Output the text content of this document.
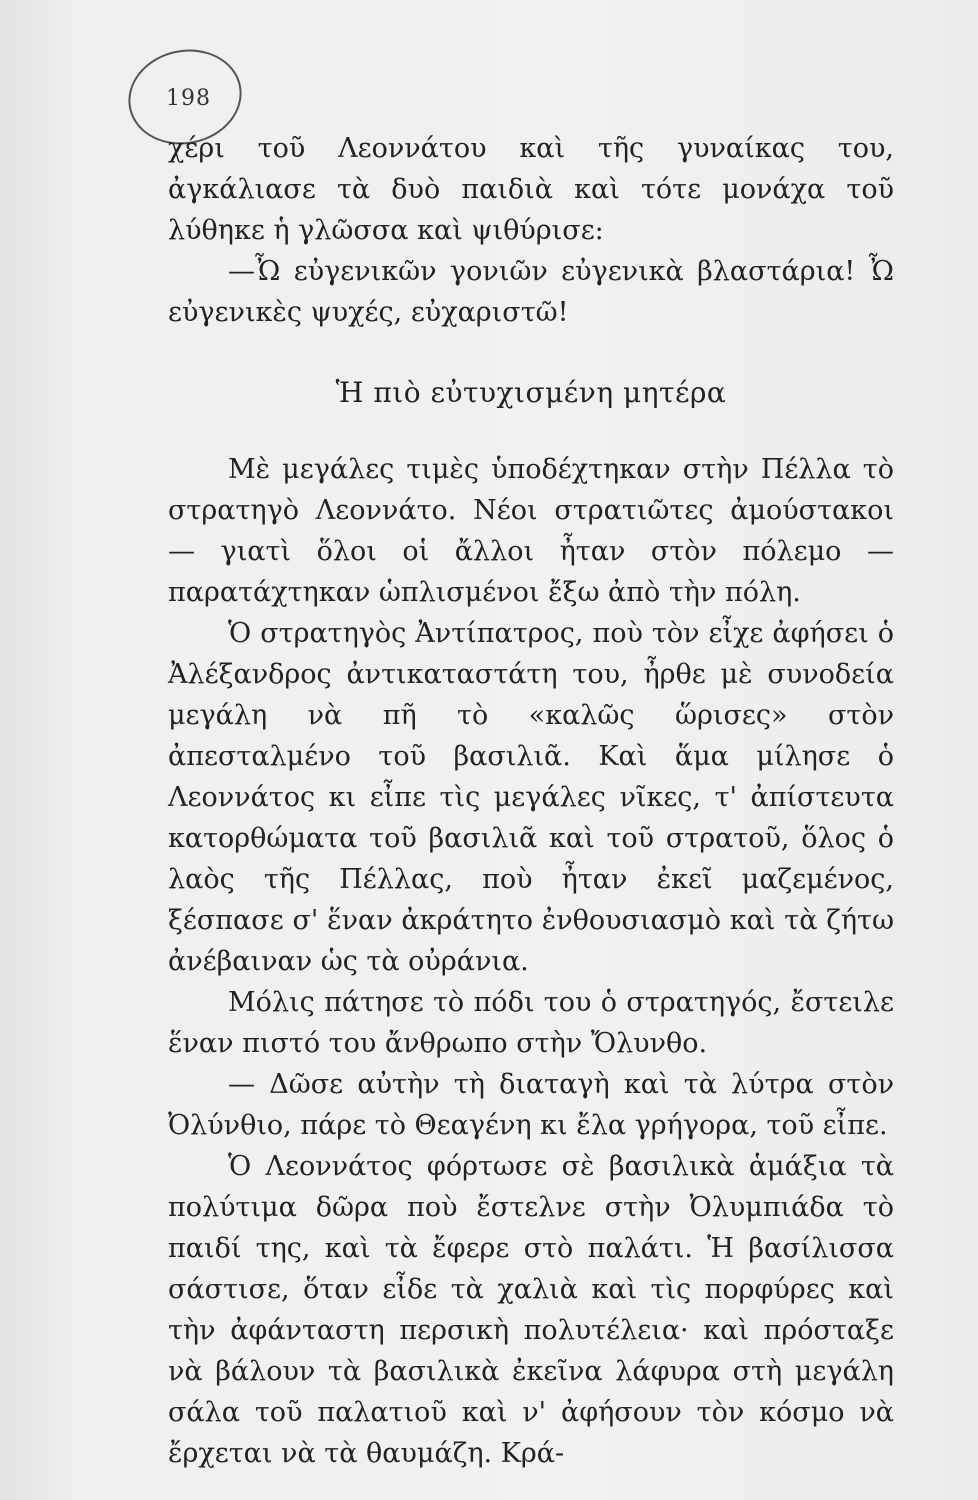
198

χέρι τοῦ Λεοννάτου καὶ τῆς γυναίκας του, ἀγκάλιασε τὰ δυὸ παιδιὰ καὶ τότε μονάχα τοῦ λύθηκε ἡ γλῶσσα καὶ ψιθύρισε:

—Ὦ εὐγενικῶν γονιῶν εὐγενικὰ βλαστάρια! Ὦ εὐγενικὲς ψυχές, εὐχαριστῶ!

Ἡ πιὸ εὐτυχισμένη μητέρα

Μὲ μεγάλες τιμὲς ὑποδέχτηκαν στὴν Πέλλα τὸ στρατηγὸ Λεοννάτο. Νέοι στρατιῶτες ἀμούστακοι — γιατὶ ὅλοι οἱ ἄλλοι ἦταν στὸν πόλεμο — παρατάχτηκαν ὡπλισμένοι ἔξω ἀπὸ τὴν πόλη.

Ὁ στρατηγὸς Ἀντίπατρος, ποὺ τὸν εἶχε ἀφήσει ὁ Ἀλέξανδρος ἀντικαταστάτη του, ἦρθε μὲ συνοδεία μεγάλη νὰ πῆ τὸ «καλῶς ὥρισες» στὸν ἀπεσταλμένο τοῦ βασιλιᾶ. Καὶ ἅμα μίλησε ὁ Λεοννάτος κι εἶπε τὶς μεγάλες νῖκες, τ' ἀπίστευτα κατορθώματα τοῦ βασιλιᾶ καὶ τοῦ στρατοῦ, ὅλος ὁ λαὸς τῆς Πέλλας, ποὺ ἦταν ἐκεῖ μαζεμένος, ξέσπασε σ' ἕναν ἀκράτητο ἐνθουσιασμὸ καὶ τὰ ζήτω ἀνέβαιναν ὡς τὰ οὐράνια.

Μόλις πάτησε τὸ πόδι του ὁ στρατηγός, ἔστειλε ἕναν πιστό του ἄνθρωπο στὴν Ὄλυνθο.

— Δῶσε αὐτὴν τὴ διαταγὴ καὶ τὰ λύτρα στὸν Ὀλύνθιο, πάρε τὸ Θεαγένη κι ἔλα γρήγορα, τοῦ εἶπε.

Ὁ Λεοννάτος φόρτωσε σὲ βασιλικὰ ἁμάξια τὰ πολύτιμα δῶρα ποὺ ἔστελνε στὴν Ὀλυμπιάδα τὸ παιδί της, καὶ τὰ ἔφερε στὸ παλάτι. Ἡ βασίλισσα σάστισε, ὅταν εἶδε τὰ χαλιὰ καὶ τὶς πορφύρες καὶ τὴν ἀφάνταστη περσικὴ πολυτέλεια· καὶ πρόσταξε νὰ βάλουν τὰ βασιλικὰ ἐκεῖνα λάφυρα στὴ μεγάλη σάλα τοῦ παλατιοῦ καὶ ν' ἀφήσουν τὸν κόσμο νὰ ἔρχεται νὰ τὰ θαυμάζη. Κρά-
